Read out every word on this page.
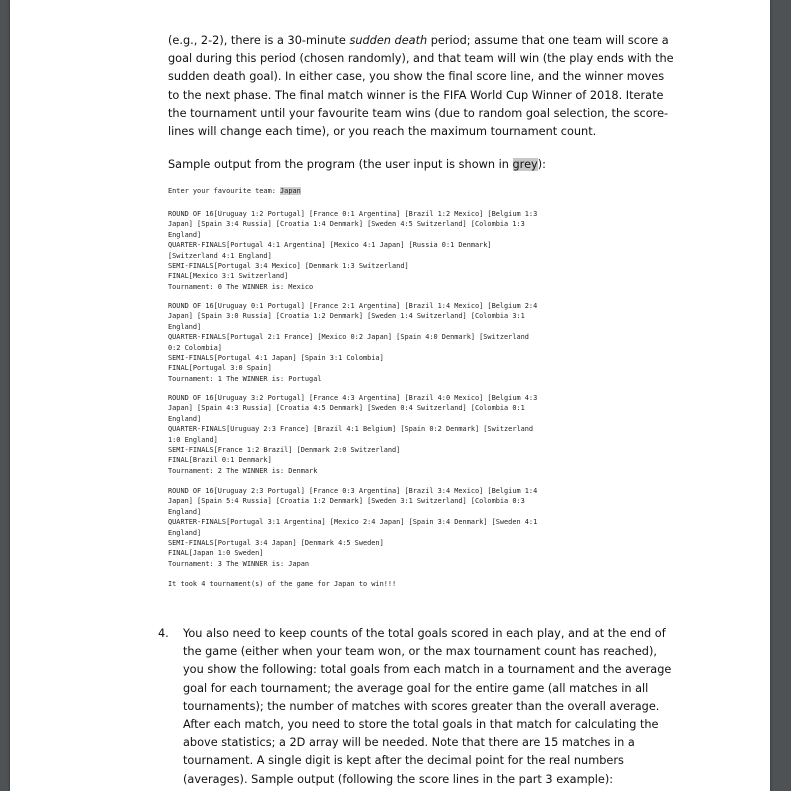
(e.g., 2-2), there is a 30-minute sudden death period; assume that one team will score a goal during this period (chosen randomly), and that team will win (the play ends with the sudden death goal). In either case, you show the final score line, and the winner moves to the next phase. The final match winner is the FIFA World Cup Winner of 2018. Iterate the tournament until your favourite team wins (due to random goal selection, the score-lines will change each time), or you reach the maximum tournament count.

Sample output from the program (the user input is shown in grey):
Enter your favourite team: Japan
ROUND OF 16[Uruguay 1:2 Portugal] [France 0:1 Argentina] [Brazil 1:2 Mexico] [Belgium 1:3
Japan] [Spain 3:4 Russia] [Croatia 1:4 Denmark] [Sweden 4:5 Switzerland] [Colombia 1:3
England]
QUARTER-FINALS[Portugal 4:1 Argentina] [Mexico 4:1 Japan] [Russia 0:1 Denmark]
[Switzerland 4:1 England]
SEMI-FINALS[Portugal 3:4 Mexico] [Denmark 1:3 Switzerland]
FINAL[Mexico 3:1 Switzerland]
Tournament: 0 The WINNER is: Mexico
ROUND OF 16[Uruguay 0:1 Portugal] [France 2:1 Argentina] [Brazil 1:4 Mexico] [Belgium 2:4
Japan] [Spain 3:0 Russia] [Croatia 1:2 Denmark] [Sweden 1:4 Switzerland] [Colombia 3:1
England]
QUARTER-FINALS[Portugal 2:1 France] [Mexico 0:2 Japan] [Spain 4:0 Denmark] [Switzerland
0:2 Colombia]
SEMI-FINALS[Portugal 4:1 Japan] [Spain 3:1 Colombia]
FINAL[Portugal 3:0 Spain]
Tournament: 1 The WINNER is: Portugal
ROUND OF 16[Uruguay 3:2 Portugal] [France 4:3 Argentina] [Brazil 4:0 Mexico] [Belgium 4:3
Japan] [Spain 4:3 Russia] [Croatia 4:5 Denmark] [Sweden 0:4 Switzerland] [Colombia 0:1
England]
QUARTER-FINALS[Uruguay 2:3 France] [Brazil 4:1 Belgium] [Spain 0:2 Denmark] [Switzerland
1:0 England]
SEMI-FINALS[France 1:2 Brazil] [Denmark 2:0 Switzerland]
FINAL[Brazil 0:1 Denmark]
Tournament: 2 The WINNER is: Denmark
ROUND OF 16[Uruguay 2:3 Portugal] [France 0:3 Argentina] [Brazil 3:4 Mexico] [Belgium 1:4
Japan] [Spain 5:4 Russia] [Croatia 1:2 Denmark] [Sweden 3:1 Switzerland] [Colombia 0:3
England]
QUARTER-FINALS[Portugal 3:1 Argentina] [Mexico 2:4 Japan] [Spain 3:4 Denmark] [Sweden 4:1
England]
SEMI-FINALS[Portugal 3:4 Japan] [Denmark 4:5 Sweden]
FINAL[Japan 1:0 Sweden]
Tournament: 3 The WINNER is: Japan
It took 4 tournament(s) of the game for Japan to win!!!
4. You also need to keep counts of the total goals scored in each play, and at the end of the game (either when your team won, or the max tournament count has reached), you show the following: total goals from each match in a tournament and the average goal for each tournament; the average goal for the entire game (all matches in all tournaments); the number of matches with scores greater than the overall average. After each match, you need to store the total goals in that match for calculating the above statistics; a 2D array will be needed. Note that there are 15 matches in a tournament. A single digit is kept after the decimal point for the real numbers (averages). Sample output (following the score lines in the part 3 example):
